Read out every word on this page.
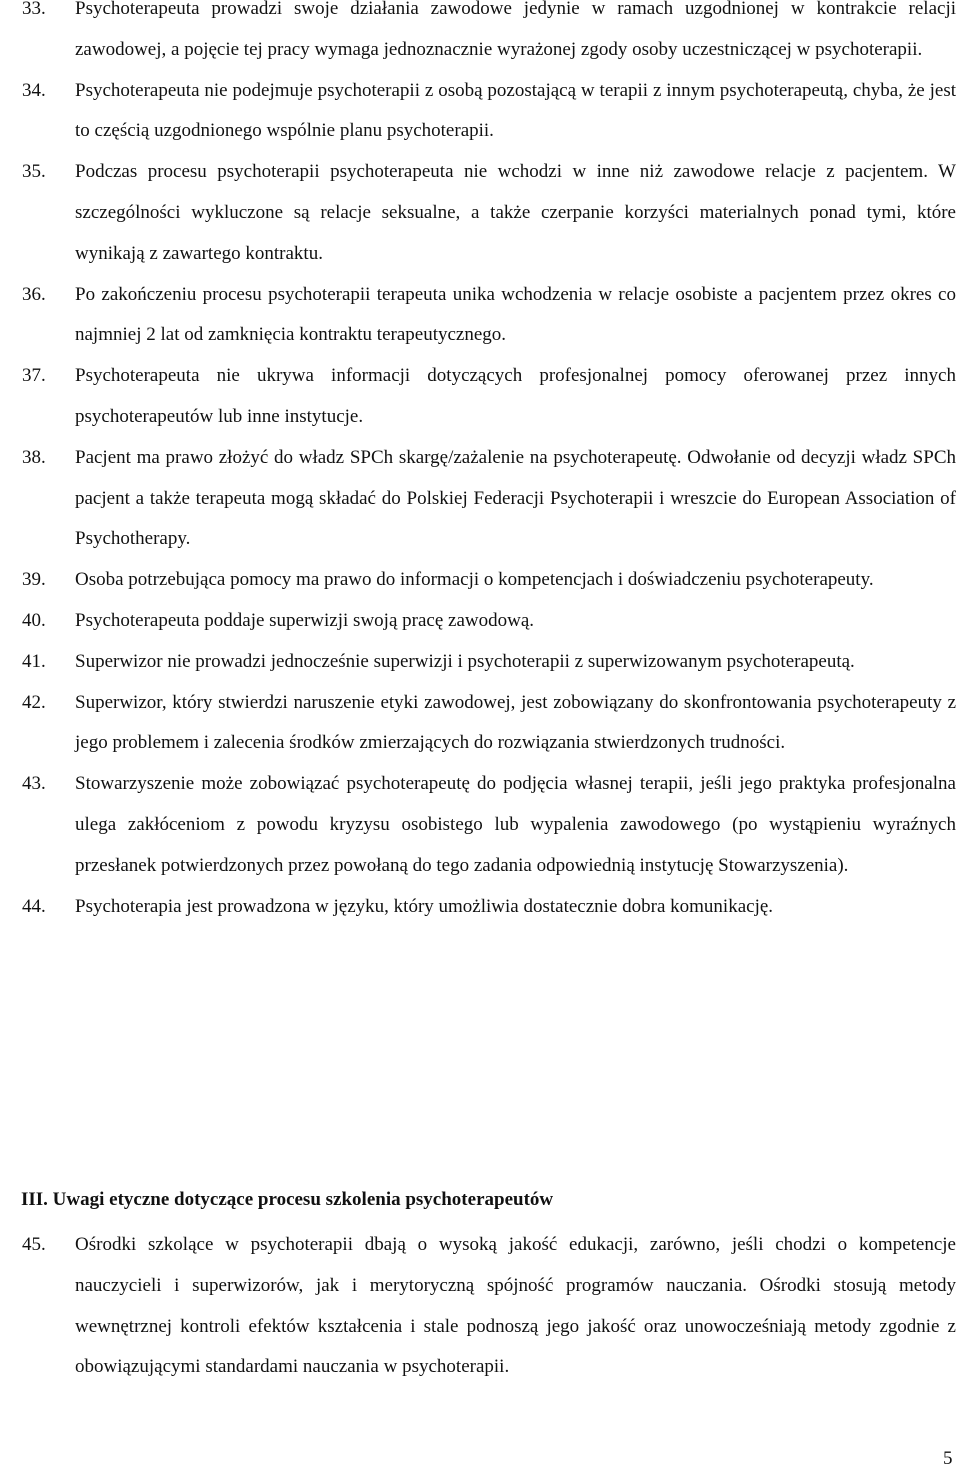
33. Psychoterapeuta prowadzi swoje działania zawodowe jedynie w ramach uzgodnionej w kontrakcie relacji zawodowej, a pojęcie tej pracy wymaga jednoznacznie wyrażonej zgody osoby uczestniczącej w psychoterapii.
34. Psychoterapeuta nie podejmuje psychoterapii z osobą pozostającą w terapii z innym psychoterapeutą, chyba, że jest to częścią uzgodnionego wspólnie planu psychoterapii.
35. Podczas procesu psychoterapii psychoterapeuta nie wchodzi w inne niż zawodowe relacje z pacjentem. W szczególności wykluczone są relacje seksualne, a także czerpanie korzyści materialnych ponad tymi, które wynikają z zawartego kontraktu.
36. Po zakończeniu procesu psychoterapii terapeuta unika wchodzenia w relacje osobiste a pacjentem przez okres co najmniej 2 lat od zamknięcia kontraktu terapeutycznego.
37. Psychoterapeuta nie ukrywa informacji dotyczących profesjonalnej pomocy oferowanej przez innych psychoterapeutów lub inne instytucje.
38. Pacjent ma prawo złożyć do władz SPCh skargę/zażalenie na psychoterapeutę. Odwołanie od decyzji władz SPCh pacjent a także terapeuta mogą składać do Polskiej Federacji Psychoterapii i wreszcie do European Association of Psychotherapy.
39. Osoba potrzebująca pomocy ma prawo do informacji o kompetencjach i doświadczeniu psychoterapeuty.
40. Psychoterapeuta poddaje superwizji swoją pracę zawodową.
41. Superwizor nie prowadzi jednocześnie superwizji i psychoterapii z superwizowanym psychoterapeutą.
42. Superwizor, który stwierdzi naruszenie etyki zawodowej, jest zobowiązany do skonfrontowania psychoterapeuty z jego problemem i zalecenia środków zmierzających do rozwiązania stwierdzonych trudności.
43. Stowarzyszenie może zobowiązać psychoterapeutę do podjęcia własnej terapii, jeśli jego praktyka profesjonalna ulega zakłóceniom z powodu kryzysu osobistego lub wypalenia zawodowego (po wystąpieniu wyraźnych przesłanek potwierdzonych przez powołaną do tego zadania odpowiednią instytucję Stowarzyszenia).
44. Psychoterapia jest prowadzona w języku, który umożliwia dostatecznie dobra komunikację.
III. Uwagi etyczne dotyczące procesu szkolenia psychoterapeutów
45. Ośrodki szkolące w psychoterapii dbają o wysoką jakość edukacji, zarówno, jeśli chodzi o kompetencje nauczycieli i superwizorów, jak i merytoryczną spójność programów nauczania. Ośrodki stosują metody wewnętrznej kontroli efektów kształcenia i stale podnoszą jego jakość oraz unowocześniają metody zgodnie z obowiązującymi standardami nauczania w psychoterapii.
5
